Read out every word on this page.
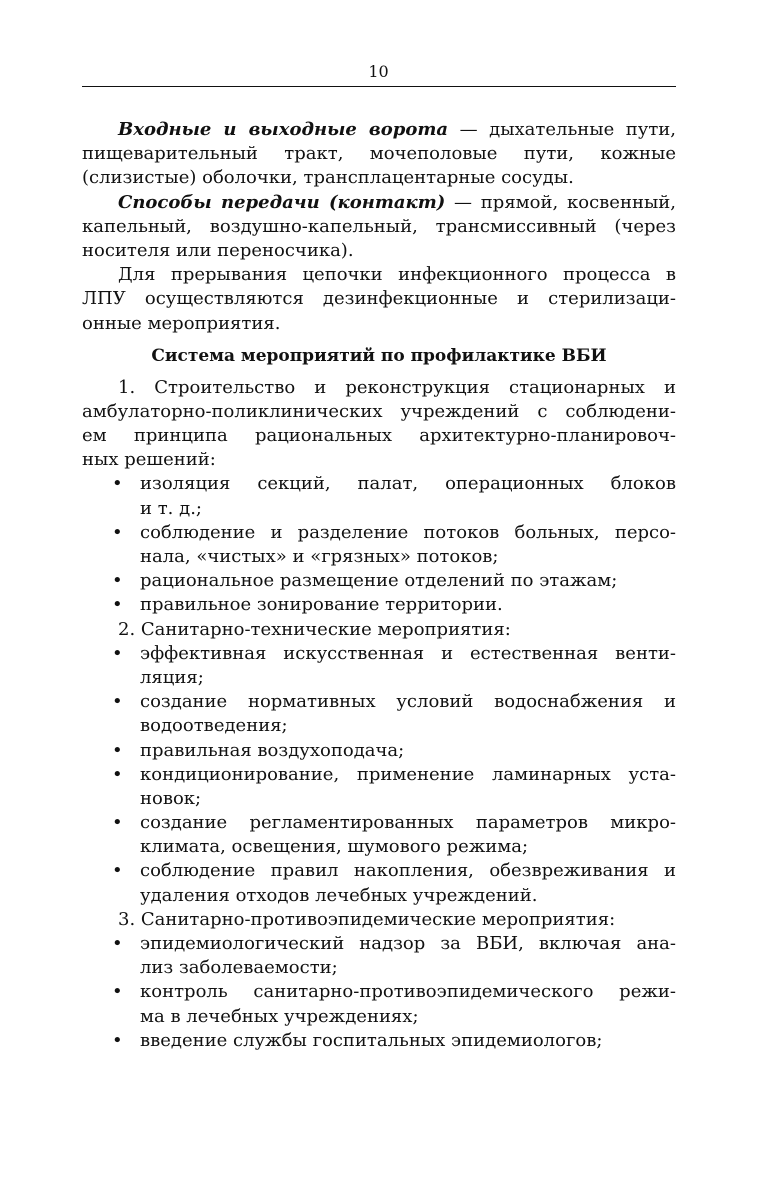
10
Входные и выходные ворота — дыхательные пути,
пищеварительный тракт, мочеполовые пути, кожные
(слизистые) оболочки, трансплацентарные сосуды.
Способы передачи (контакт) — прямой, косвенный,
капельный, воздушно-капельный, трансмиссивный (через
носителя или переносчика).
Для прерывания цепочки инфекционного процесса в
ЛПУ осуществляются дезинфекционные и стерилизаци-
онные мероприятия.
Система мероприятий по профилактике ВБИ
1. Строительство и реконструкция стационарных и
амбулаторно-поликлинических учреждений с соблюдени-
ем принципа рациональных архитектурно-планировоч-
ных решений:
• изоляция секций, палат, операционных блоков
и т. д.;
• соблюдение и разделение потоков больных, персо-
нала, «чистых» и «грязных» потоков;
• рациональное размещение отделений по этажам;
• правильное зонирование территории.
2. Санитарно-технические мероприятия:
• эффективная искусственная и естественная венти-
ляция;
• создание нормативных условий водоснабжения и
водоотведения;
• правильная воздухоподача;
• кондиционирование, применение ламинарных уста-
новок;
• создание регламентированных параметров микро-
климата, освещения, шумового режима;
• соблюдение правил накопления, обезвреживания и
удаления отходов лечебных учреждений.
3. Санитарно-противоэпидемические мероприятия:
• эпидемиологический надзор за ВБИ, включая ана-
лиз заболеваемости;
• контроль санитарно-противоэпидемического режи-
ма в лечебных учреждениях;
• введение службы госпитальных эпидемиологов;
